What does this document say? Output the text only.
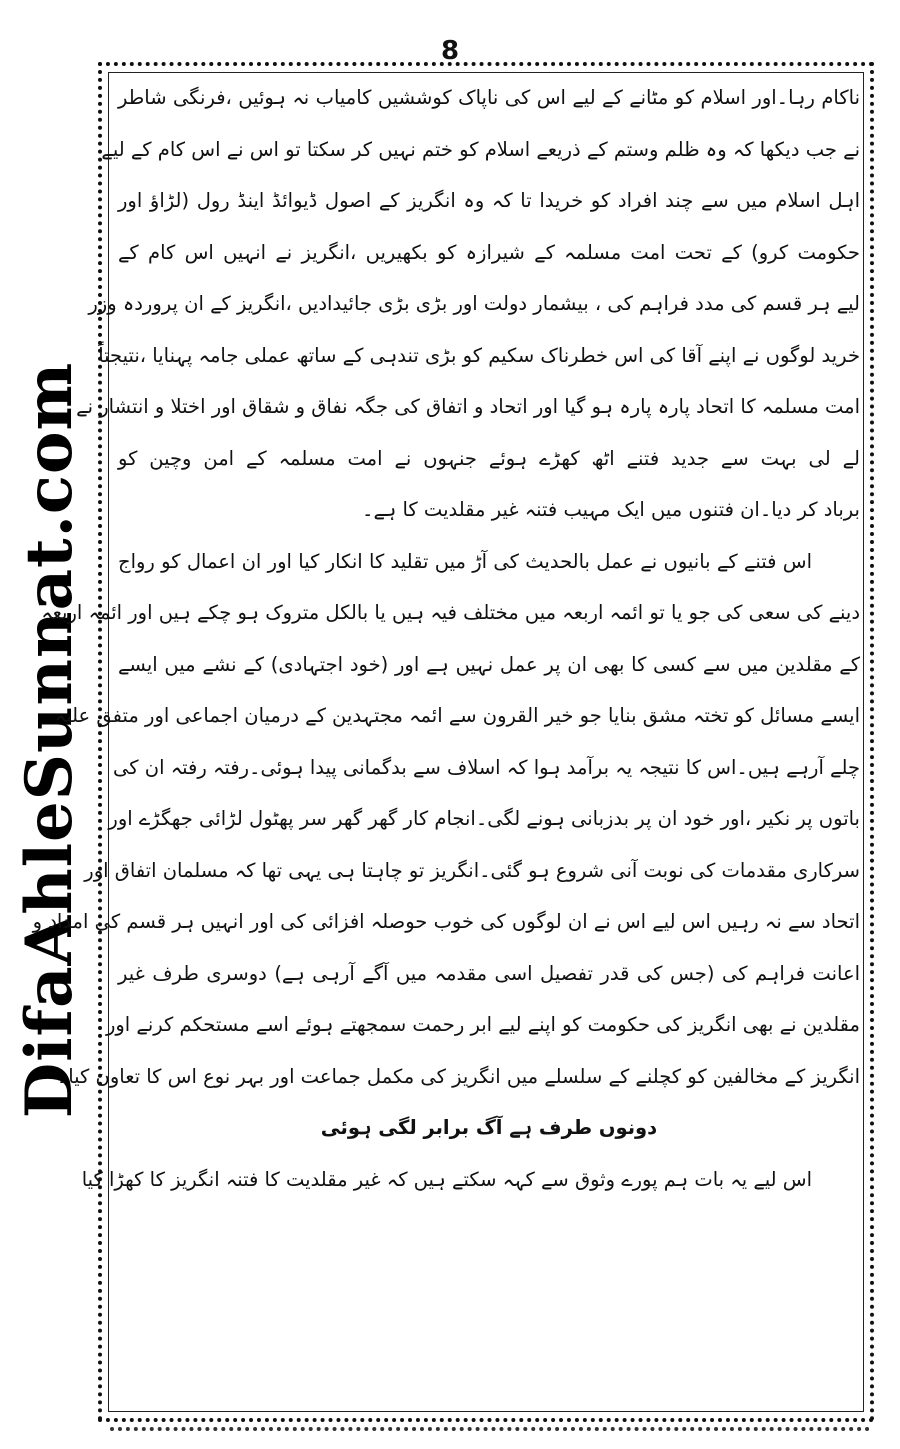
8
DifaAhleSunnat.com
ناکام رہا۔اور اسلام کو مٹانے کے لیے اس کی ناپاک کوششیں کامیاب نہ ہوئیں ،فرنگی شاطر
نے جب دیکھا کہ وہ ظلم وستم کے ذریعے اسلام کو ختم نہیں کر سکتا تو اس نے اس کام کے لیے
اہل اسلام میں سے چند افراد کو خریدا تا کہ وہ انگریز کے اصول ڈیوائڈ اینڈ رول (لڑاؤ اور
حکومت کرو) کے تحت امت مسلمہ کے شیرازہ کو بکھیریں ،انگریز نے انہیں اس کام کے
لیے ہر قسم کی مدد فراہم کی ، بیشمار دولت اور بڑی بڑی جائیدادیں ،انگریز کے ان پروردہ وزر
خرید لوگوں نے اپنے آقا کی اس خطرناک سکیم کو بڑی تندہی کے ساتھ عملی جامہ پہنایا ،نتیجتاً
امت مسلمہ کا اتحاد پارہ پارہ ہو گیا اور اتحاد و اتفاق کی جگہ نفاق و شقاق اور اختلا و انتشار نے
لے لی بہت سے جدید فتنے اٹھ کھڑے ہوئے جنہوں نے امت مسلمہ کے امن وچین کو
برباد کر دیا۔ان فتنوں میں ایک مہیب فتنہ غیر مقلدیت کا ہے۔
اس فتنے کے بانیوں نے عمل بالحدیث کی آڑ میں تقلید کا انکار کیا اور ان اعمال کو رواج
دینے کی سعی کی جو یا تو ائمہ اربعہ میں مختلف فیہ ہیں یا بالکل متروک ہو چکے ہیں اور ائمہ اربعہ
کے مقلدین میں سے کسی کا بھی ان پر عمل نہیں ہے اور (خود اجتہادی) کے نشے میں ایسے
ایسے مسائل کو تختہ مشق بنایا جو خیر القرون سے ائمہ مجتہدین کے درمیان اجماعی اور متفق علیہ
چلے آرہے ہیں۔اس کا نتیجہ یہ برآمد ہوا کہ اسلاف سے بدگمانی پیدا ہوئی۔رفتہ رفتہ ان کی
باتوں پر نکیر ،اور خود ان پر بدزبانی ہونے لگی۔انجام کار گھر گھر سر پھٹول لڑائی جھگڑے اور
سرکاری مقدمات کی نوبت آنی شروع ہو گئی۔انگریز تو چاہتا ہی یہی تھا کہ مسلمان اتفاق اور
اتحاد سے نہ رہیں اس لیے اس نے ان لوگوں کی خوب حوصلہ افزائی کی اور انہیں ہر قسم کی امداد و
اعانت فراہم کی (جس کی قدر تفصیل اسی مقدمہ میں آگے آرہی ہے) دوسری طرف غیر
مقلدین نے بھی انگریز کی حکومت کو اپنے لیے ابر رحمت سمجھتے ہوئے اسے مستحکم کرنے اور
انگریز کے مخالفین کو کچلنے کے سلسلے میں انگریز کی مکمل جماعت اور بہر نوع اس کا تعاون کیا۔
دونوں طرف ہے آگ برابر لگی ہوئی
اس لیے یہ بات ہم پورے وثوق سے کہہ سکتے ہیں کہ غیر مقلدیت کا فتنہ انگریز کا کھڑا کیا
